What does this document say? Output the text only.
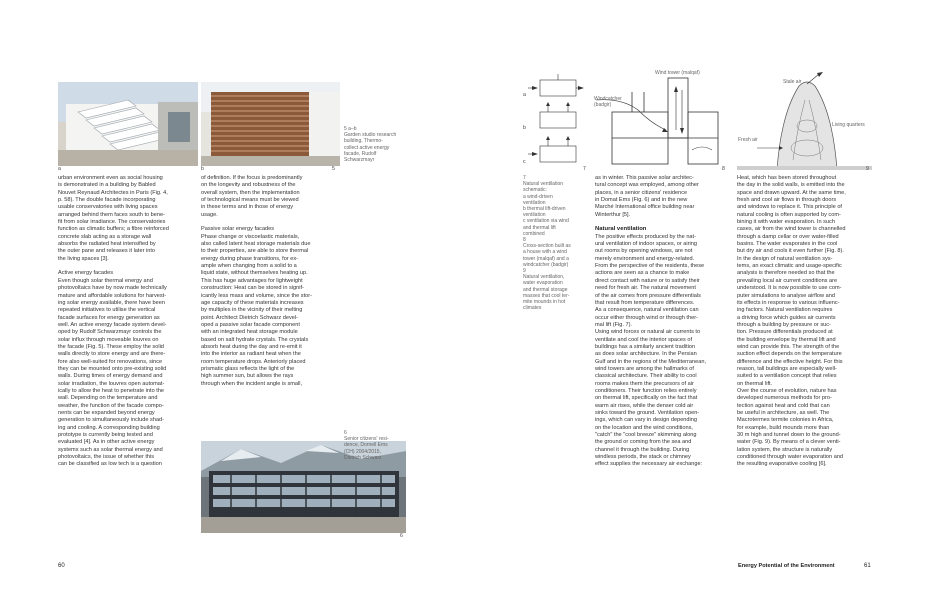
a	b	5

5 a–b

Garden studio research

building, Thermo-

collect active energy

facade, Rudolf

Schwarzmayr

urban environment even as social housing

is demonstrated in a building by Babled

Nouvet Reynaud Architectes in Paris (Fig. 4,

p. 58). The double facade incorporating

usable conservatories with living spaces

arranged behind them faces south to bene-

fit from solar irradiance. The conservatories

function as climatic buffers; a fibre reinforced

concrete slab acting as a storage wall

absorbs the radiated heat intensified by

the outer pane and releases it later into

the living spaces [3].

Active energy facades

Even though solar thermal energy and

photovoltaics have by now made technically

mature and affordable solutions for harvest-

ing solar energy available, there have been

repeated initiatives to utilise the vertical

facade surfaces for energy generation as

well. An active energy facade system devel-

oped by Rudolf Schwarzmayr controls the

solar influx through moveable louvres on

the facade (Fig. 5). These employ the solid

walls directly to store energy and are there-

fore also well-suited for renovations, since

they can be mounted onto pre-existing solid

walls. During times of energy demand and

solar irradiation, the louvres open automat-

ically to allow the heat to penetrate into the

wall. Depending on the temperature and

weather, the function of the facade compo-

nents can be expanded beyond energy

generation to simultaneously include shad-

ing and cooling. A corresponding building

prototype is currently being tested and

evaluated [4]. As in other active energy

systems such as solar thermal energy and

photovoltaics, the issue of whether this

can be classified as low tech is a question

of definition. If the focus is predominantly

on the longevity and robustness of the

overall system, then the implementation

of technological means must be viewed

in these terms and in those of energy

usage.

Passive solar energy facades

Phase change or viscoelastic materials,

also called latent heat storage materials due

to their properties, are able to store thermal

energy during phase transitions, for ex-

ample when changing from a solid to a

liquid state, without themselves heating up.

This has huge advantages for lightweight

construction: Heat can be stored in signif-

icantly less mass and volume, since the stor-

age capacity of these materials increases

by multiples in the vicinity of their melting

point. Architect Dietrich Schwarz devel-

oped a passive solar facade component

with an integrated heat storage module

based on salt hydrate crystals. The crystals

absorb heat during the day and re-emit it

into the interior as radiant heat when the

room temperature drops. Anteriorly placed

prismatic glass reflects the light of the

high summer sun, but allows the rays

through when the incident angle is small,

6

6

Senior citizens' resi-

dence, Dornell Ems

(CH) 2004/2015,

Dietrich Schwarz

60
a
b
c
7
Wind tower (malqaf)
Windcatcher (badgir)
8
Stale air
Fresh air
Living quarters
9

7

Natural ventilation

schematic:

a wind-driven

ventilation

b thermal lift-driven

ventilation

c ventilation via wind

and thermal lift

combined

8

Cross-section built as

a house with a wind

tower (malqaf) and a

windcatcher (badgir)

9

Natural ventilation,

water evaporation

and thermal storage

masses that cool ter-

mite mounds in hot

climates

as in winter. This passive solar architec-

tural concept was employed, among other

places, in a senior citizens' residence

in Domat Ems (Fig. 6) and in the new

Marché International office building near

Winterthur [5].

Natural ventilation

The positive effects produced by the nat-

ural ventilation of indoor spaces, or airing

out rooms by opening windows, are not

merely environment and energy-related.

From the perspective of the residents, these

actions are seen as a chance to make

direct contact with nature or to satisfy their

need for fresh air. The natural movement

of the air comes from pressure differentials

that result from temperature differences.

As a consequence, natural ventilation can

occur either through wind or through ther-

mal lift (Fig. 7).

Using wind forces or natural air currents to

ventilate and cool the interior spaces of

buildings has a similarly ancient tradition

as does solar architecture. In the Persian

Gulf and in the regions of the Mediterranean,

wind towers are among the hallmarks of

classical architecture. Their ability to cool

rooms makes them the precursors of air

conditioners. Their function relies entirely

on thermal lift, specifically on the fact that

warm air rises, while the denser cold air

sinks toward the ground. Ventilation open-

ings, which can vary in design depending

on the location and the wind conditions,

"catch" the "cool breeze" skimming along

the ground or coming from the sea and

channel it through the building. During

windless periods, the stack or chimney

effect supplies the necessary air exchange:

Heat, which has been stored throughout

the day in the solid walls, is emitted into the

space and drawn upward. At the same time,

fresh and cool air flows in through doors

and windows to replace it. This principle of

natural cooling is often supported by com-

bining it with water evaporation. In such

cases, air from the wind tower is channelled

through a damp cellar or over water-filled

basins. The water evaporates in the cool

but dry air and cools it even further (Fig. 8).

In the design of natural ventilation sys-

tems, an exact climatic and usage-specific

analysis is therefore needed so that the

prevailing local air current conditions are

understood. It is now possible to use com-

puter simulations to analyse airflow and

its effects in response to various influenc-

ing factors. Natural ventilation requires

a driving force which guides air currents

through a building by pressure or suc-

tion. Pressure differentials produced at

the building envelope by thermal lift and

wind can provide this. The strength of the

suction effect depends on the temperature

difference and the effective height. For this

reason, tall buildings are especially well-

suited to a ventilation concept that relies

on thermal lift.

Over the course of evolution, nature has

developed numerous methods for pro-

tection against heat and cold that can

be useful in architecture, as well. The

Macrotermes termite colonies in Africa,

for example, build mounds more than

30 m high and tunnel down to the ground-

water (Fig. 9). By means of a clever venti-

lation system, the structure is naturally

conditioned through water evaporation and

the resulting evaporative cooling [6].

Energy Potential of the Environment	61
